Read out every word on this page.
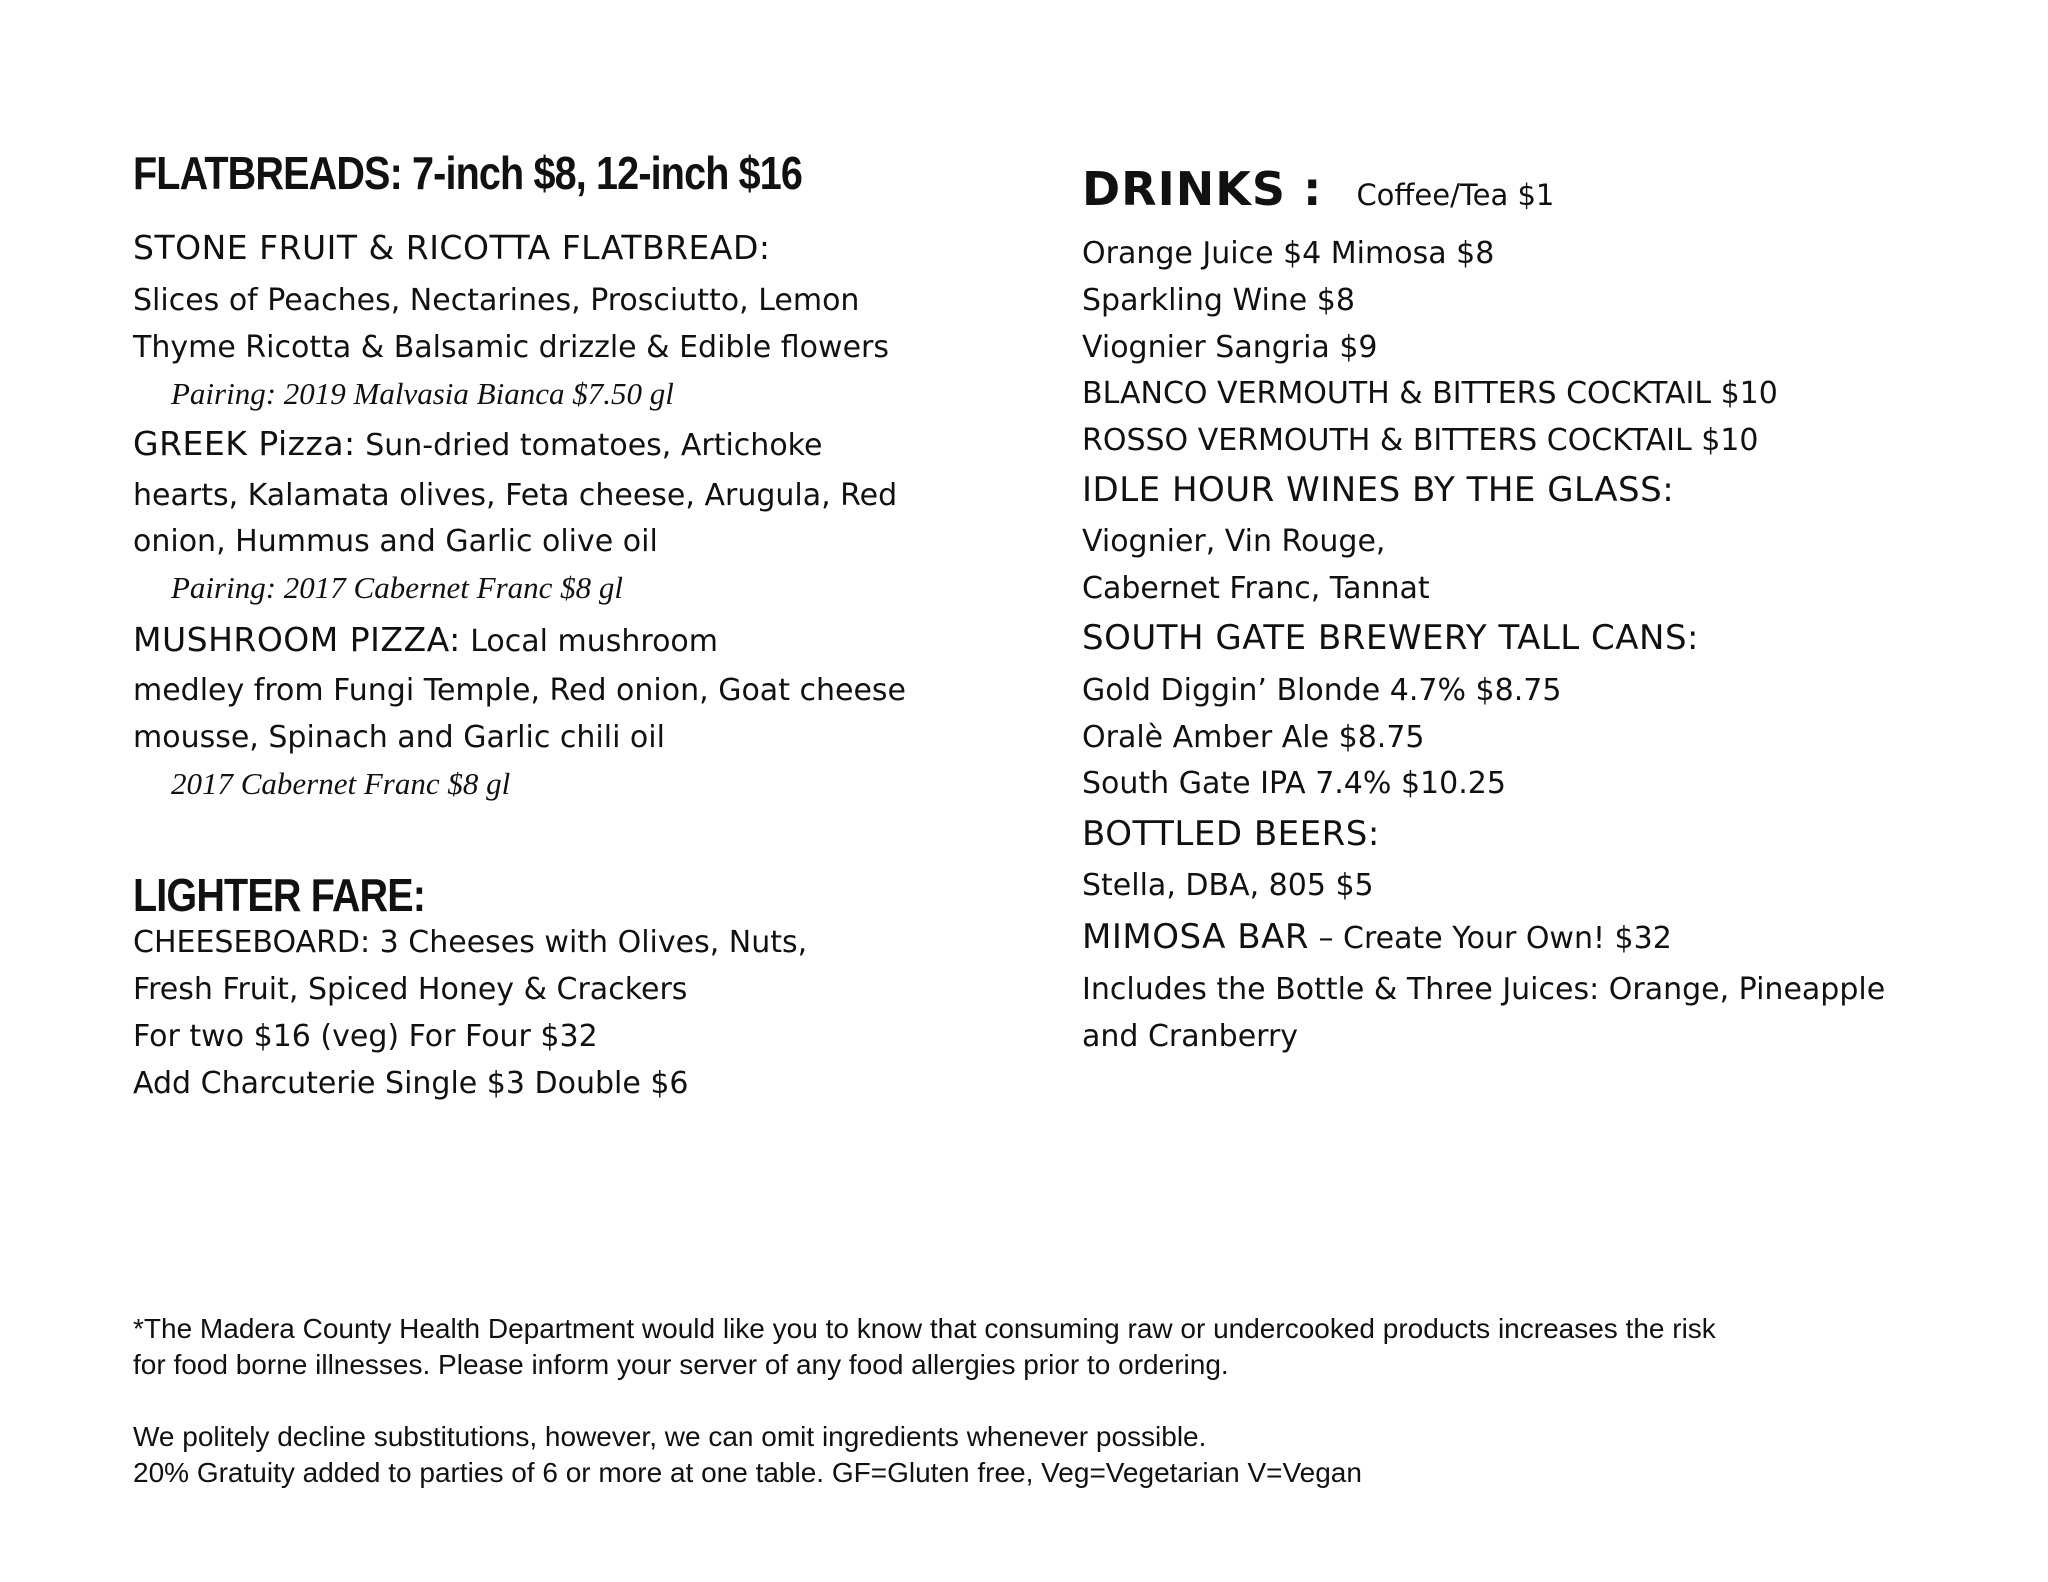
FLATBREADS: 7-inch $8, 12-inch $16
STONE FRUIT & RICOTTA FLATBREAD:
Slices of Peaches, Nectarines, Prosciutto, Lemon
Thyme Ricotta & Balsamic drizzle & Edible flowers
Pairing: 2019 Malvasia Bianca $7.50 gl
GREEK Pizza: Sun-dried tomatoes, Artichoke
hearts, Kalamata olives, Feta cheese, Arugula, Red
onion, Hummus and Garlic olive oil
Pairing: 2017 Cabernet Franc $8 gl
MUSHROOM PIZZA: Local mushroom
medley from Fungi Temple, Red onion, Goat cheese
mousse, Spinach and Garlic chili oil
2017 Cabernet Franc $8 gl
LIGHTER FARE:
CHEESEBOARD: 3 Cheeses with Olives, Nuts,
Fresh Fruit, Spiced Honey & Crackers
For two $16 (veg) For Four $32
Add Charcuterie Single $3 Double $6
DRINKS : Coffee/Tea $1
Orange Juice $4 Mimosa $8
Sparkling Wine $8
Viognier Sangria $9
BLANCO VERMOUTH & BITTERS COCKTAIL $10
ROSSO VERMOUTH & BITTERS COCKTAIL $10
IDLE HOUR WINES BY THE GLASS:
Viognier, Vin Rouge,
Cabernet Franc, Tannat
SOUTH GATE BREWERY TALL CANS:
Gold Diggin’ Blonde 4.7% $8.75
Oralè Amber Ale $8.75
South Gate IPA 7.4% $10.25
BOTTLED BEERS:
Stella, DBA, 805 $5
MIMOSA BAR – Create Your Own! $32
Includes the Bottle & Three Juices: Orange, Pineapple
and Cranberry
*The Madera County Health Department would like you to know that consuming raw or undercooked products increases the risk
for food borne illnesses. Please inform your server of any food allergies prior to ordering.
We politely decline substitutions, however, we can omit ingredients whenever possible.
20% Gratuity added to parties of 6 or more at one table. GF=Gluten free, Veg=Vegetarian V=Vegan
